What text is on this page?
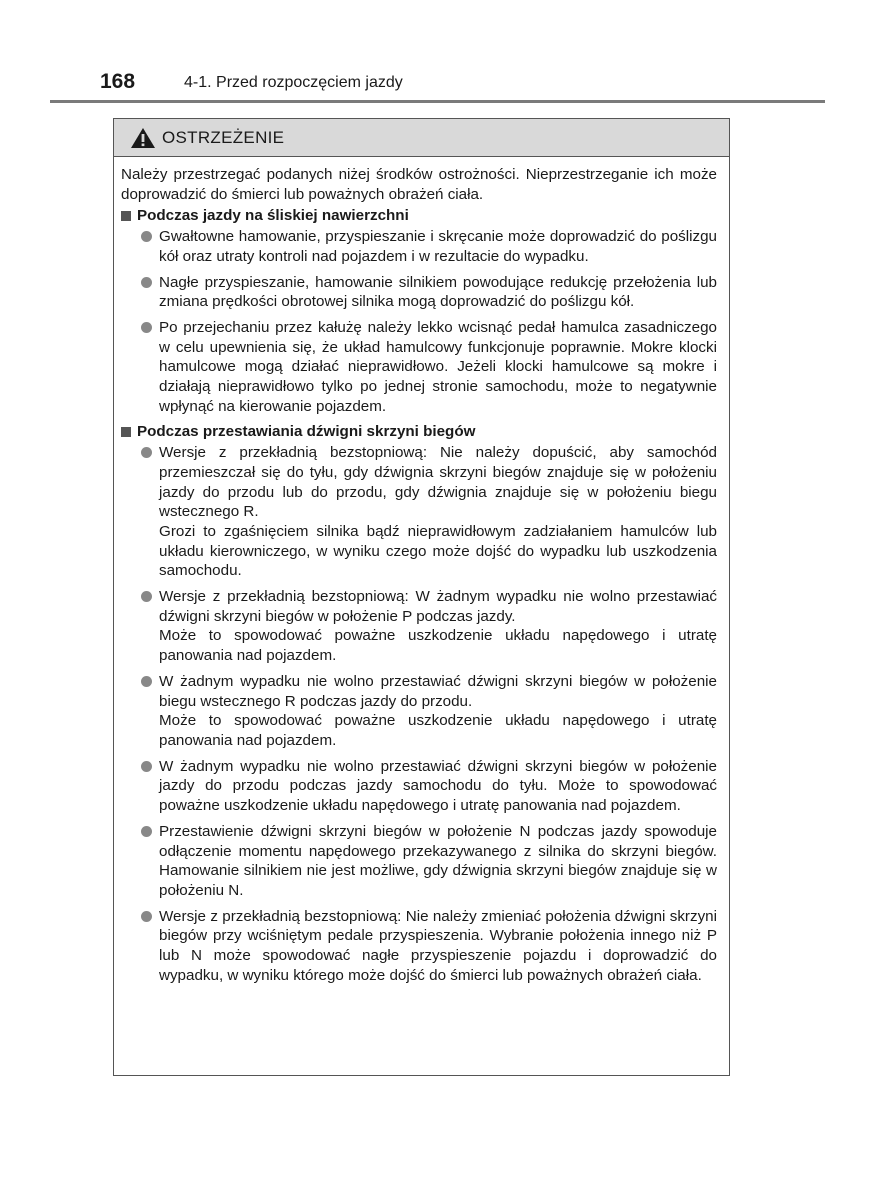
168	4-1. Przed rozpoczęciem jazdy
OSTRZEŻENIE

Należy przestrzegać podanych niżej środków ostrożności. Nieprzestrzeganie ich może doprowadzić do śmierci lub poważnych obrażeń ciała.

Podczas jazdy na śliskiej nawierzchni

Gwałtowne hamowanie, przyspieszanie i skręcanie może doprowadzić do poślizgu kół oraz utraty kontroli nad pojazdem i w rezultacie do wypadku.

Nagłe przyspieszanie, hamowanie silnikiem powodujące redukcję przełożenia lub zmiana prędkości obrotowej silnika mogą doprowadzić do poślizgu kół.

Po przejechaniu przez kałużę należy lekko wcisnąć pedał hamulca zasadniczego w celu upewnienia się, że układ hamulcowy funkcjonuje poprawnie. Mokre klocki hamulcowe mogą działać nieprawidłowo. Jeżeli klocki hamulcowe są mokre i działają nieprawidłowo tylko po jednej stronie samochodu, może to negatywnie wpłynąć na kierowanie pojazdem.

Podczas przestawiania dźwigni skrzyni biegów

Wersje z przekładnią bezstopniową: Nie należy dopuścić, aby samochód przemieszczał się do tyłu, gdy dźwignia skrzyni biegów znajduje się w położeniu jazdy do przodu lub do przodu, gdy dźwignia znajduje się w położeniu biegu wstecznego R.

Grozi to zgaśnięciem silnika bądź nieprawidłowym zadziałaniem hamulców lub układu kierowniczego, w wyniku czego może dojść do wypadku lub uszkodzenia samochodu.

Wersje z przekładnią bezstopniową: W żadnym wypadku nie wolno przestawiać dźwigni skrzyni biegów w położenie P podczas jazdy.

Może to spowodować poważne uszkodzenie układu napędowego i utratę panowania nad pojazdem.

W żadnym wypadku nie wolno przestawiać dźwigni skrzyni biegów w położenie biegu wstecznego R podczas jazdy do przodu.

Może to spowodować poważne uszkodzenie układu napędowego i utratę panowania nad pojazdem.

W żadnym wypadku nie wolno przestawiać dźwigni skrzyni biegów w położenie jazdy do przodu podczas jazdy samochodu do tyłu. Może to spowodować poważne uszkodzenie układu napędowego i utratę panowania nad pojazdem.

Przestawienie dźwigni skrzyni biegów w położenie N podczas jazdy spowoduje odłączenie momentu napędowego przekazywanego z silnika do skrzyni biegów. Hamowanie silnikiem nie jest możliwe, gdy dźwignia skrzyni biegów znajduje się w położeniu N.

Wersje z przekładnią bezstopniową: Nie należy zmieniać położenia dźwigni skrzyni biegów przy wciśniętym pedale przyspieszenia. Wybranie położenia innego niż P lub N może spowodować nagłe przyspieszenie pojazdu i doprowadzić do wypadku, w wyniku którego może dojść do śmierci lub poważnych obrażeń ciała.
